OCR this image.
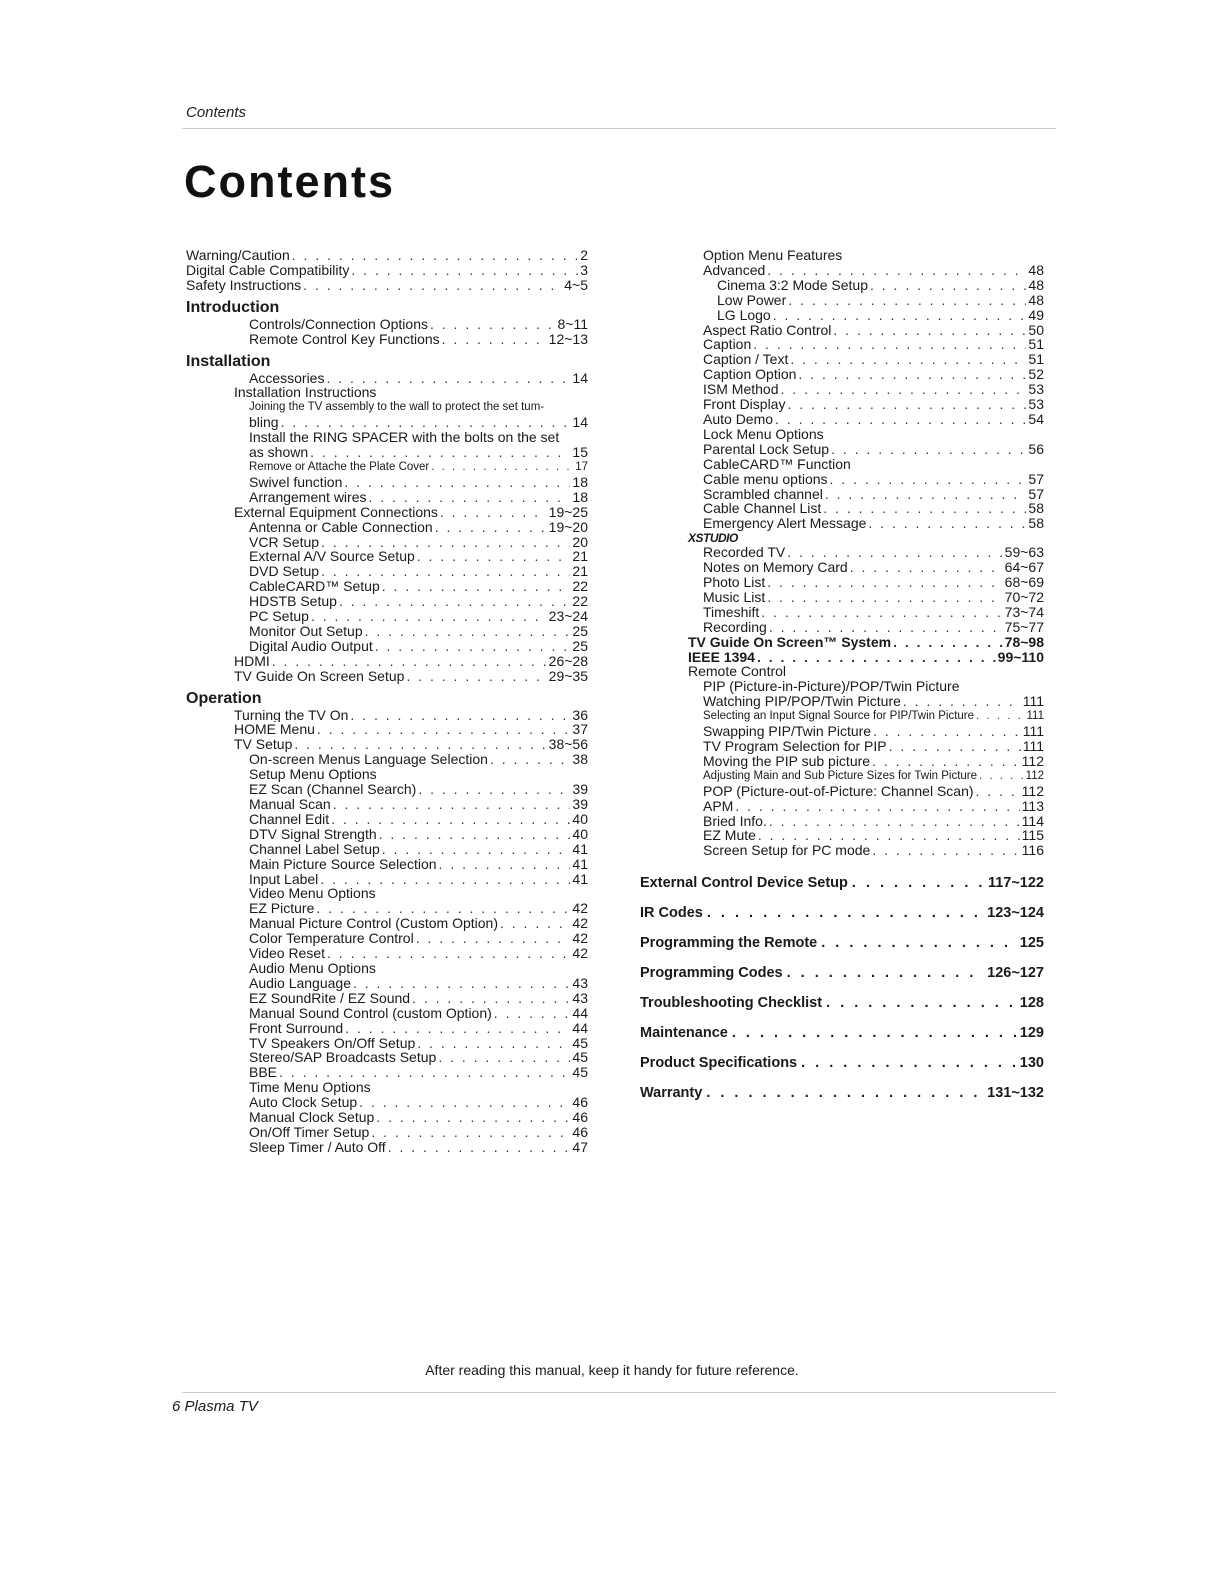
Contents
Contents
Warning/Caution . . .	2
Digital Cable Compatibility . . .	3
Safety Instructions . . .	4~5
Introduction
Controls/Connection Options . . .	8~11
Remote Control Key Functions . . .	12~13
Installation
Accessories . . .	14
Installation Instructions
Joining the TV assembly to the wall to protect the set tum-
bling . . .	14
Install the RING SPACER with the bolts on the set
as shown . . .	15
Remove or Attache the Plate Cover . . .	17
Swivel function . . .	18
Arrangement wires . . .	18
External Equipment Connections . . .	19~25
Antenna or Cable Connection . . .	19~20
VCR Setup . . .	20
External A/V Source Setup . . .	21
DVD Setup . . .	21
CableCARD™ Setup . . .	22
HDSTB Setup . . .	22
PC Setup . . .	23~24
Monitor Out Setup . . .	25
Digital Audio Output . . .	25
HDMI . . .	26~28
TV Guide On Screen Setup . . .	29~35
Operation
Turning the TV On . . .	36
HOME Menu . . .	37
TV Setup . . .	38~56
On-screen Menus Language Selection . . .	38
Setup Menu Options
EZ Scan (Channel Search) . . .	39
Manual Scan . . .	39
Channel Edit . . .	40
DTV Signal Strength . . .	40
Channel Label Setup . . .	41
Main Picture Source Selection . . .	41
Input Label . . .	41
Video Menu Options
EZ Picture . . .	42
Manual Picture Control (Custom Option) . . .	42
Color Temperature Control . . .	42
Video Reset . . .	42
Audio Menu Options
Audio Language . . .	43
EZ SoundRite / EZ Sound . . .	43
Manual Sound Control (custom Option) . . .	44
Front Surround . . .	44
TV Speakers On/Off Setup . . .	45
Stereo/SAP Broadcasts Setup . . .	45
BBE . . .	45
Time Menu Options
Auto Clock Setup . . .	46
Manual Clock Setup . . .	46
On/Off Timer Setup . . .	46
Sleep Timer / Auto Off . . .	47
Option Menu Features
Advanced . . .	48
Cinema 3:2 Mode Setup . . .	48
Low Power . . .	48
LG Logo . . .	49
Aspect Ratio Control . . .	50
Caption . . .	51
Caption / Text . . .	51
Caption Option . . .	52
ISM Method . . .	53
Front Display . . .	53
Auto Demo . . .	54
Lock Menu Options
Parental Lock Setup . . .	56
CableCARD™ Function
Cable menu options . . .	57
Scrambled channel . . .	57
Cable Channel List . . .	58
Emergency Alert Message . . .	58
XSTUDIO
Recorded TV . . .	59~63
Notes on Memory Card . . .	64~67
Photo List . . .	68~69
Music List . . .	70~72
Timeshift . . .	73~74
Recording . . .	75~77
TV Guide On Screen™ System . . .	78~98
IEEE 1394 . . .	99~110
Remote Control
PIP (Picture-in-Picture)/POP/Twin Picture
Watching PIP/POP/Twin Picture . . .	111
Selecting an Input Signal Source for PIP/Twin Picture . . .	111
Swapping PIP/Twin Picture . . .	111
TV Program Selection for PIP . . .	111
Moving the PIP sub picture . . .	112
Adjusting Main and Sub Picture Sizes for Twin Picture . . .	112
POP (Picture-out-of-Picture: Channel Scan) . . .	112
APM . . .	113
Bried Info. . . .	114
EZ Mute . . .	115
Screen Setup for PC mode . . .	116
External Control Device Setup . . .	117~122
IR Codes . . .	123~124
Programming the Remote . . .	125
Programming Codes . . .	126~127
Troubleshooting Checklist . . .	128
Maintenance . . .	129
Product Specifications . . .	130
Warranty . . .	131~132
After reading this manual, keep it handy for future reference.
6 Plasma TV
